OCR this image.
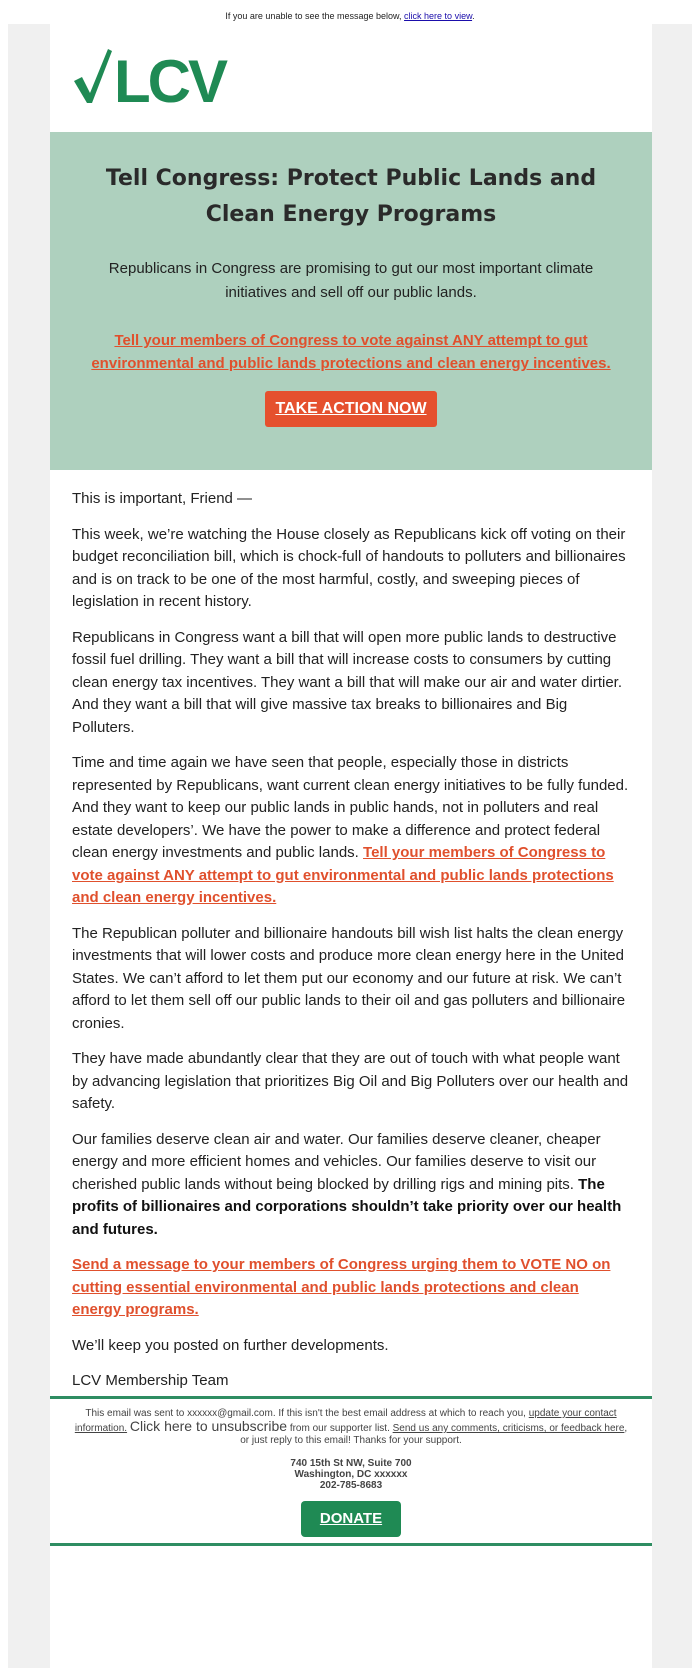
If you are unable to see the message below, click here to view.
LCV
Tell Congress: Protect Public Lands and Clean Energy Programs

Republicans in Congress are promising to gut our most important climate initiatives and sell off our public lands.

Tell your members of Congress to vote against ANY attempt to gut environmental and public lands protections and clean energy incentives.
TAKE ACTION NOW

This is important, Friend —

This week, we’re watching the House closely as Republicans kick off voting on their budget reconciliation bill, which is chock-full of handouts to polluters and billionaires and is on track to be one of the most harmful, costly, and sweeping pieces of legislation in recent history.

Republicans in Congress want a bill that will open more public lands to destructive fossil fuel drilling. They want a bill that will increase costs to consumers by cutting clean energy tax incentives. They want a bill that will make our air and water dirtier. And they want a bill that will give massive tax breaks to billionaires and Big Polluters.

Time and time again we have seen that people, especially those in districts represented by Republicans, want current clean energy initiatives to be fully funded. And they want to keep our public lands in public hands, not in polluters and real estate developers’. We have the power to make a difference and protect federal clean energy investments and public lands. Tell your members of Congress to vote against ANY attempt to gut environmental and public lands protections and clean energy incentives.

The Republican polluter and billionaire handouts bill wish list halts the clean energy investments that will lower costs and produce more clean energy here in the United States. We can’t afford to let them put our economy and our future at risk. We can’t afford to let them sell off our public lands to their oil and gas polluters and billionaire cronies.

They have made abundantly clear that they are out of touch with what people want by advancing legislation that prioritizes Big Oil and Big Polluters over our health and safety.

Our families deserve clean air and water. Our families deserve cleaner, cheaper energy and more efficient homes and vehicles. Our families deserve to visit our cherished public lands without being blocked by drilling rigs and mining pits. The profits of billionaires and corporations shouldn’t take priority over our health and futures.

Send a message to your members of Congress urging them to VOTE NO on cutting essential environmental and public lands protections and clean energy programs.

We’ll keep you posted on further developments.

LCV Membership Team

This email was sent to xxxxxx@gmail.com. If this isn't the best email address at which to reach you, update your contact information. Click here to unsubscribe from our supporter list. Send us any comments, criticisms, or feedback here, or just reply to this email! Thanks for your support.
740 15th St NW, Suite 700
Washington, DC xxxxxx
202-785-8683
DONATE
